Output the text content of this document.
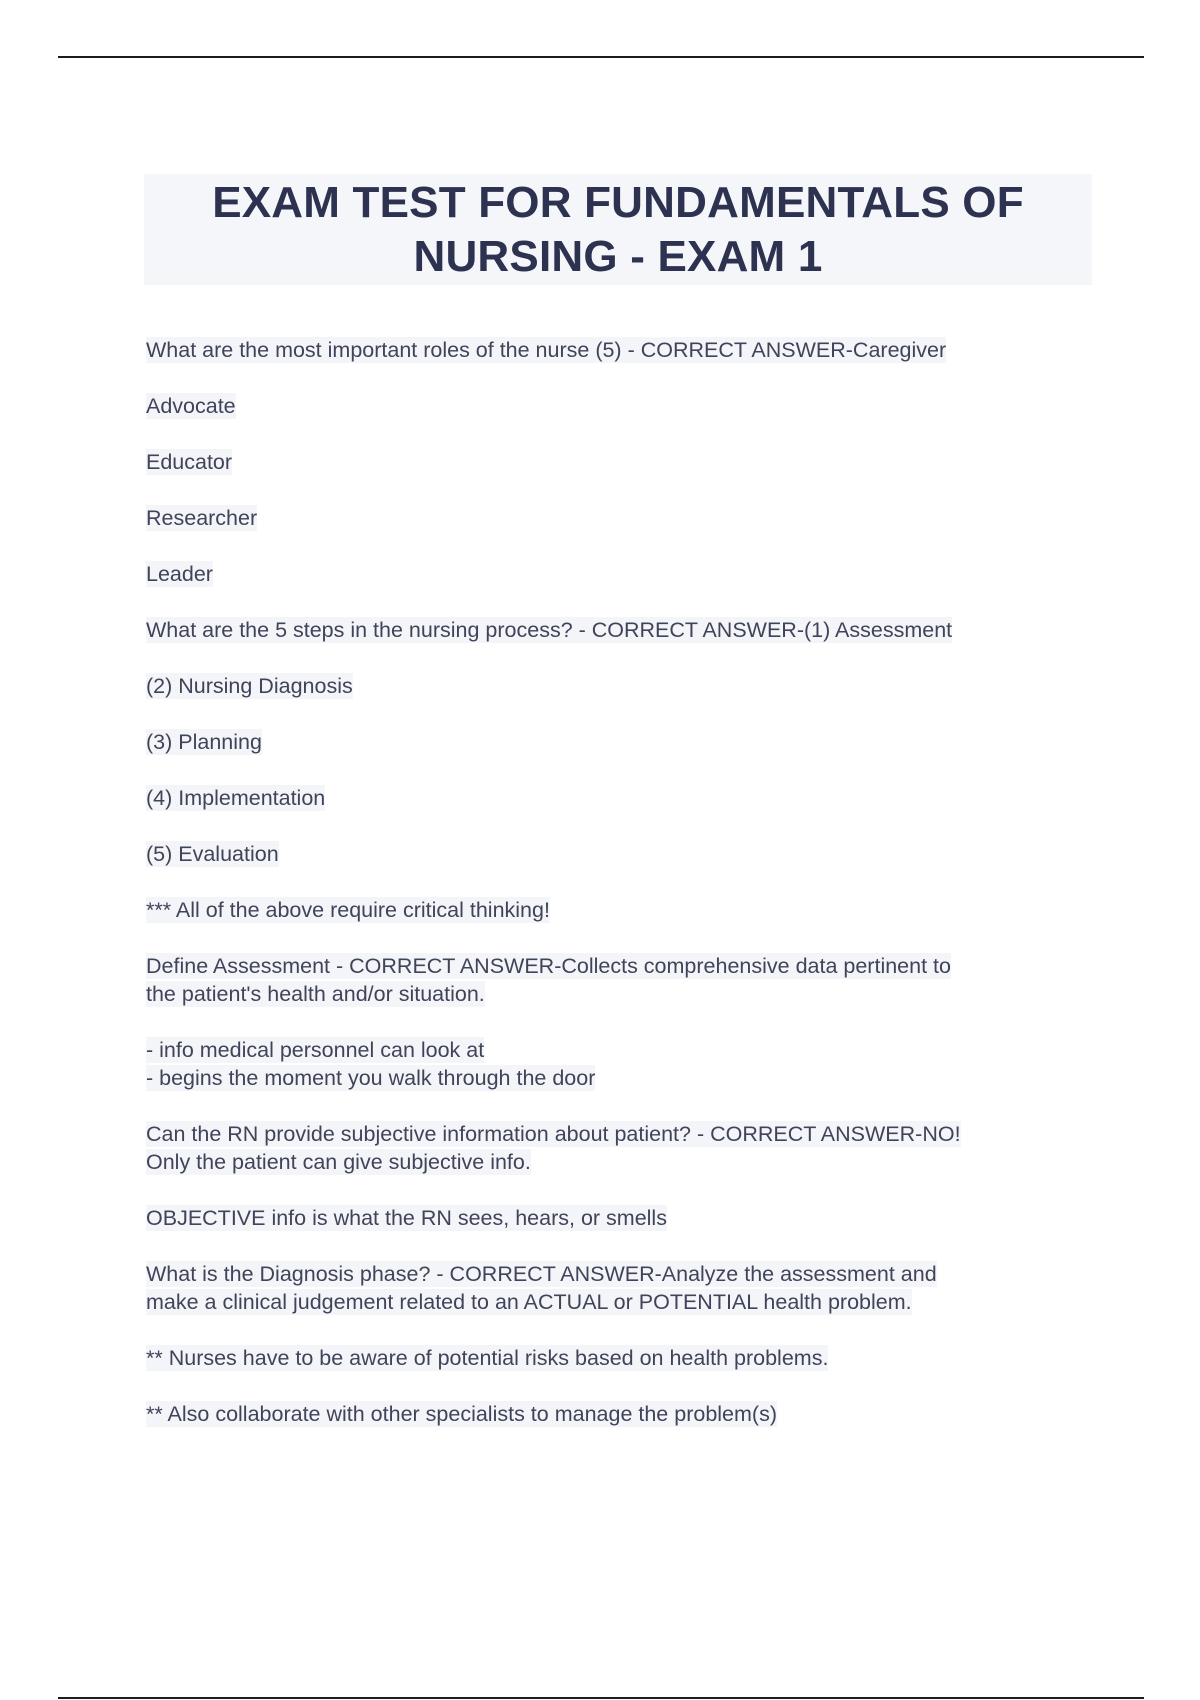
EXAM TEST FOR FUNDAMENTALS OF
NURSING - EXAM 1
What are the most important roles of the nurse (5) - CORRECT ANSWER-Caregiver
Advocate
Educator
Researcher
Leader
What are the 5 steps in the nursing process? - CORRECT ANSWER-(1) Assessment
(2) Nursing Diagnosis
(3) Planning
(4) Implementation
(5) Evaluation
*** All of the above require critical thinking!
Define Assessment - CORRECT ANSWER-Collects comprehensive data pertinent to
the patient's health and/or situation.
- info medical personnel can look at
- begins the moment you walk through the door
Can the RN provide subjective information about patient? - CORRECT ANSWER-NO!
Only the patient can give subjective info.
OBJECTIVE info is what the RN sees, hears, or smells
What is the Diagnosis phase? - CORRECT ANSWER-Analyze the assessment and
make a clinical judgement related to an ACTUAL or POTENTIAL health problem.
** Nurses have to be aware of potential risks based on health problems.
** Also collaborate with other specialists to manage the problem(s)
